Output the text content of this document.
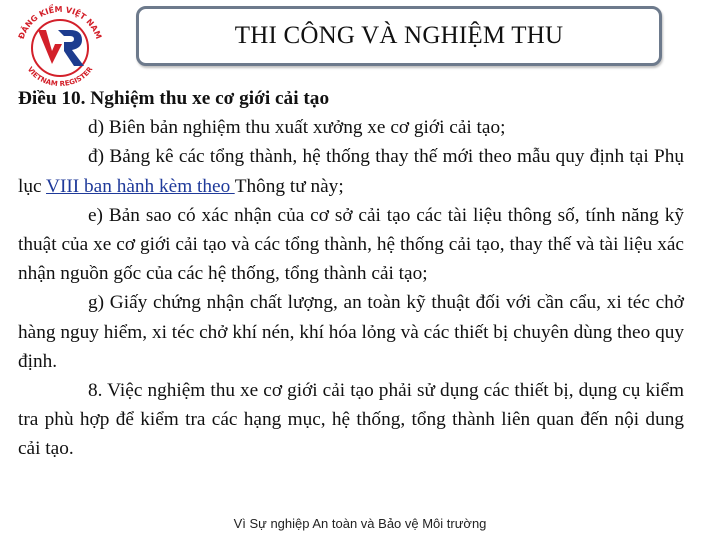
ĐĂNG KIỂM VIỆT NAM
VIETNAM REGISTER
THI CÔNG VÀ NGHIỆM THU

Điều 10. Nghiệm thu xe cơ giới cải tạo

d) Biên bản nghiệm thu xuất xưởng xe cơ giới cải tạo;

đ) Bảng kê các tổng thành, hệ thống thay thế mới theo mẫu quy định tại Phụ lục VIII ban hành kèm theo Thông tư này;

e) Bản sao có xác nhận của cơ sở cải tạo các tài liệu thông số, tính năng kỹ thuật của xe cơ giới cải tạo và các tổng thành, hệ thống cải tạo, thay thế và tài liệu xác nhận nguồn gốc của các hệ thống, tổng thành cải tạo;

g) Giấy chứng nhận chất lượng, an toàn kỹ thuật đối với cần cẩu, xi téc chở hàng nguy hiểm, xi téc chở khí nén, khí hóa lỏng và các thiết bị chuyên dùng theo quy định.

8. Việc nghiệm thu xe cơ giới cải tạo phải sử dụng các thiết bị, dụng cụ kiểm tra phù hợp để kiểm tra các hạng mục, hệ thống, tổng thành liên quan đến nội dung cải tạo.

Vì Sự nghiệp An toàn và Bảo vệ Môi trường
